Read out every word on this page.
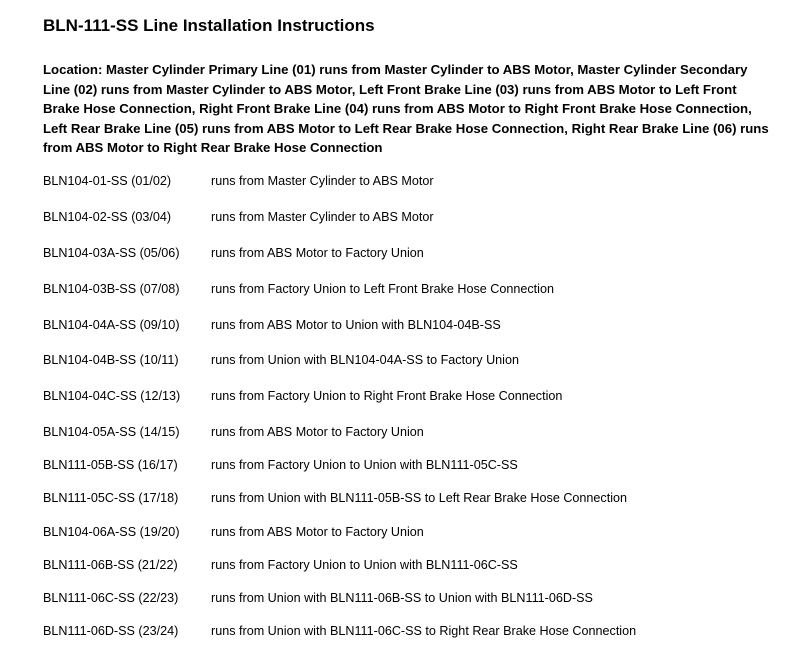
BLN-111-SS Line Installation Instructions
Location: Master Cylinder Primary Line (01) runs from Master Cylinder to ABS Motor, Master Cylinder Secondary Line (02) runs from Master Cylinder to ABS Motor, Left Front Brake Line (03) runs from ABS Motor to Left Front Brake Hose Connection, Right Front Brake Line (04) runs from ABS Motor to Right Front Brake Hose Connection, Left Rear Brake Line (05) runs from ABS Motor to Left Rear Brake Hose Connection, Right Rear Brake Line (06) runs from ABS Motor to Right Rear Brake Hose Connection
BLN104-01-SS (01/02)	runs from Master Cylinder to ABS Motor
BLN104-02-SS (03/04)	runs from Master Cylinder to ABS Motor
BLN104-03A-SS (05/06) runs from ABS Motor to Factory Union
BLN104-03B-SS (07/08) runs from Factory Union to Left Front Brake Hose Connection
BLN104-04A-SS (09/10) runs from ABS Motor to Union with BLN104-04B-SS
BLN104-04B-SS (10/11)	runs from Union with BLN104-04A-SS to Factory Union
BLN104-04C-SS (12/13) runs from Factory Union to Right Front Brake Hose Connection
BLN104-05A-SS (14/15) runs from ABS Motor to Factory Union
BLN111-05B-SS (16/17)	runs from Factory Union to Union with BLN111-05C-SS
BLN111-05C-SS (17/18)	runs from Union with BLN111-05B-SS to Left Rear Brake Hose Connection
BLN104-06A-SS (19/20) runs from ABS Motor to Factory Union
BLN111-06B-SS (21/22)	runs from Factory Union to Union with BLN111-06C-SS
BLN111-06C-SS (22/23)	runs from Union with BLN111-06B-SS to Union with BLN111-06D-SS
BLN111-06D-SS (23/24)	runs from Union with BLN111-06C-SS to Right Rear Brake Hose Connection
